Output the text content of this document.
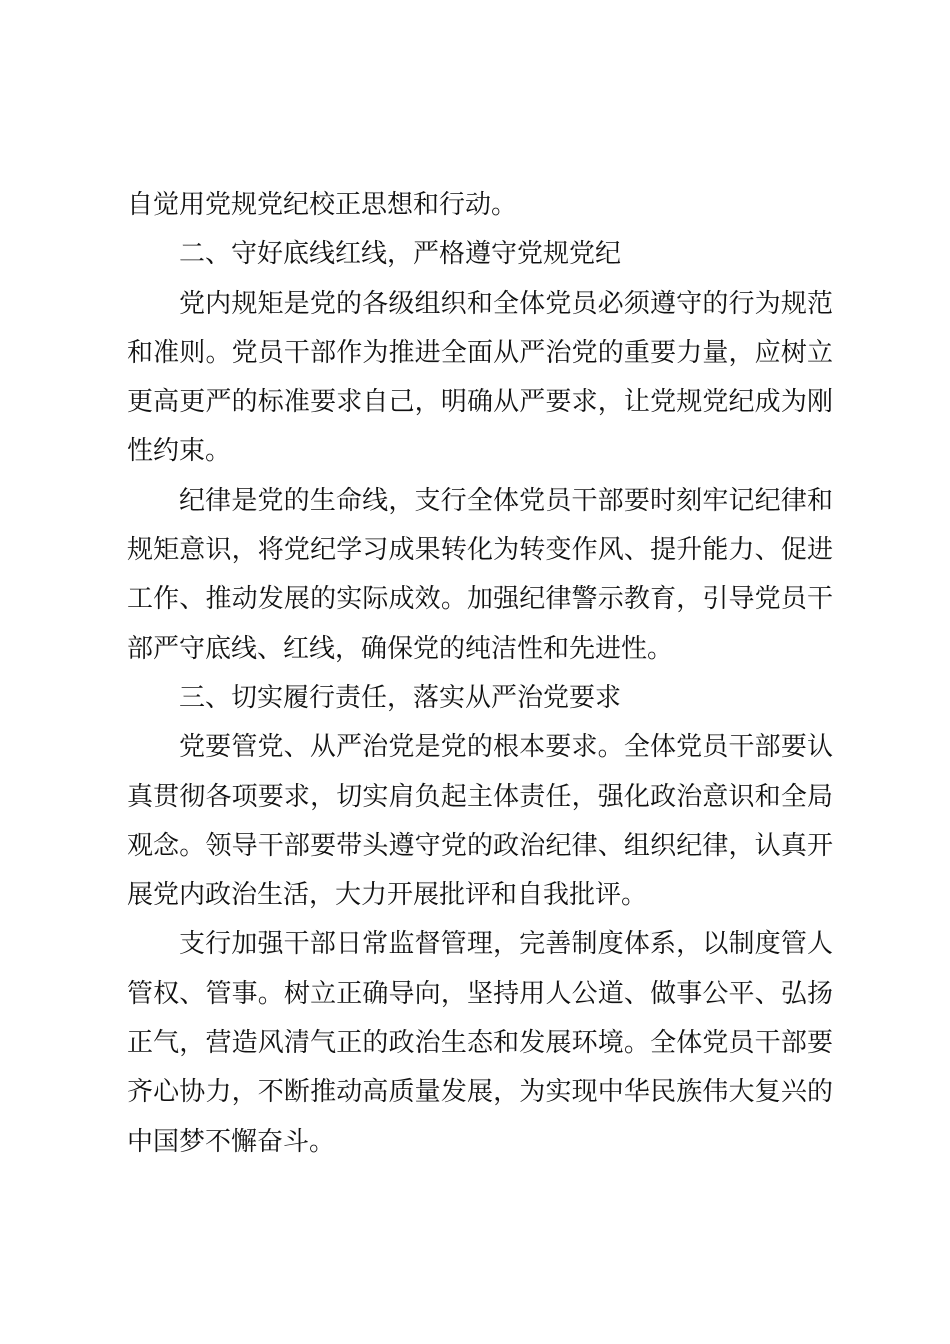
自觉用党规党纪校正思想和行动。

二、守好底线红线，严格遵守党规党纪

党内规矩是党的各级组织和全体党员必须遵守的行为规范和准则。党员干部作为推进全面从严治党的重要力量，应树立更高更严的标准要求自己，明确从严要求，让党规党纪成为刚性约束。

纪律是党的生命线，支行全体党员干部要时刻牢记纪律和规矩意识，将党纪学习成果转化为转变作风、提升能力、促进工作、推动发展的实际成效。加强纪律警示教育，引导党员干部严守底线、红线，确保党的纯洁性和先进性。

三、切实履行责任，落实从严治党要求

党要管党、从严治党是党的根本要求。全体党员干部要认真贯彻各项要求，切实肩负起主体责任，强化政治意识和全局观念。领导干部要带头遵守党的政治纪律、组织纪律，认真开展党内政治生活，大力开展批评和自我批评。

支行加强干部日常监督管理，完善制度体系，以制度管人管权、管事。树立正确导向，坚持用人公道、做事公平、弘扬正气，营造风清气正的政治生态和发展环境。全体党员干部要齐心协力，不断推动高质量发展，为实现中华民族伟大复兴的中国梦不懈奋斗。
